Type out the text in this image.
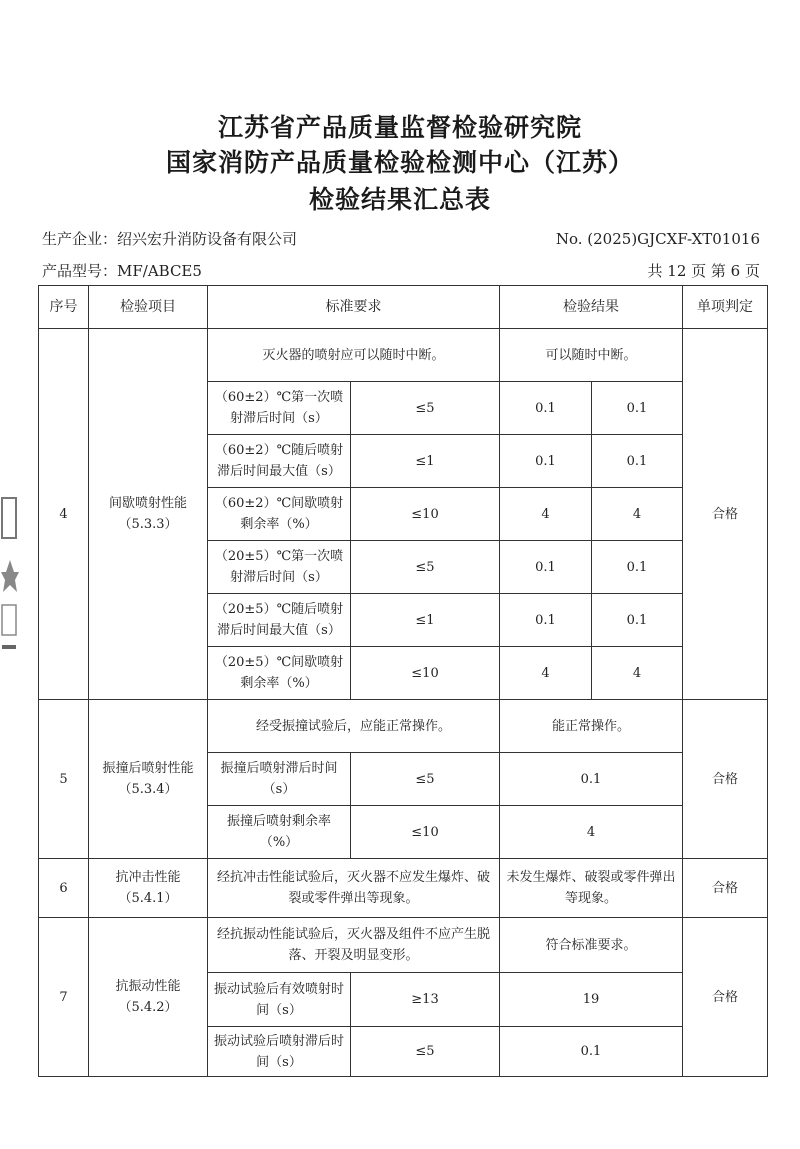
江苏省产品质量监督检验研究院
国家消防产品质量检验检测中心（江苏）
检验结果汇总表
生产企业：绍兴宏升消防设备有限公司	No. (2025)GJCXF-XT01016
产品型号：MF/ABCE5	共 12 页 第 6 页
序号	检验项目	标准要求		检验结果		单项判定
4	间歇喷射性能（5.3.3）	灭火器的喷射应可以随时中断。		可以随时中断。		合格
		（60±2）℃第一次喷射滞后时间（s）	≤5	0.1	0.1	
		（60±2）℃随后喷射滞后时间最大值（s）	≤1	0.1	0.1	
		（60±2）℃间歇喷射剩余率（%）	≤10	4	4	
		（20±5）℃第一次喷射滞后时间（s）	≤5	0.1	0.1	
		（20±5）℃随后喷射滞后时间最大值（s）	≤1	0.1	0.1	
		（20±5）℃间歇喷射剩余率（%）	≤10	4	4	
5	振撞后喷射性能（5.3.4）	经受振撞试验后，应能正常操作。		能正常操作。		合格
		振撞后喷射滞后时间（s）	≤5	0.1		
		振撞后喷射剩余率（%）	≤10	4		
6	抗冲击性能（5.4.1）	经抗冲击性能试验后，灭火器不应发生爆炸、破裂或零件弹出等现象。		未发生爆炸、破裂或零件弹出等现象。		合格
7	抗振动性能（5.4.2）	经抗振动性能试验后，灭火器及组件不应产生脱落、开裂及明显变形。		符合标准要求。		合格
		振动试验后有效喷射时间（s）	≥13	19		
		振动试验后喷射滞后时间（s）	≤5	0.1		
